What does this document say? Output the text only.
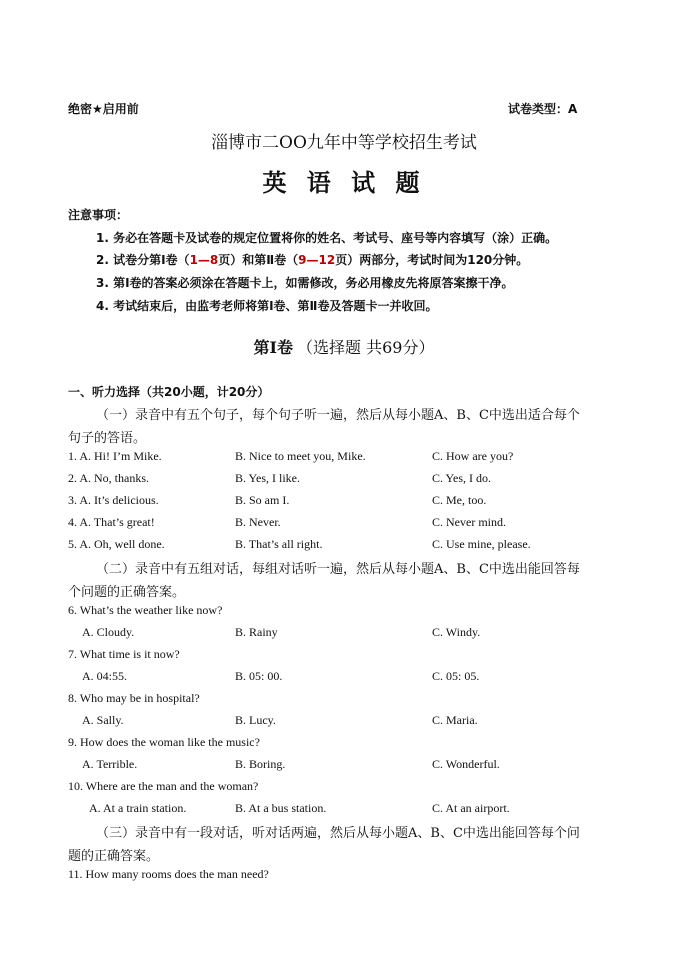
绝密★启用前	试卷类型：A
淄博市二OO九年中等学校招生考试
英 语 试 题
注意事项：
1. 务必在答题卡及试卷的规定位置将你的姓名、考试号、座号等内容填写（涂）正确。
2. 试卷分第Ⅰ卷（1—8页）和第Ⅱ卷（9—12页）两部分，考试时间为120分钟。
3. 第Ⅰ卷的答案必须涂在答题卡上，如需修改，务必用橡皮先将原答案擦干净。
4. 考试结束后，由监考老师将第Ⅰ卷、第Ⅱ卷及答题卡一并收回。
第Ⅰ卷 （选择题 共69分）
一、听力选择（共20小题，计20分）
（一）录音中有五个句子，每个句子听一遍，然后从每小题A、B、C中选出适合每个
句子的答语。
1. A. Hi! I’m Mike.	B. Nice to meet you, Mike.	C. How are you?
2. A. No, thanks.	B. Yes, I like.	C. Yes, I do.
3. A. It’s delicious.	B. So am I.	C. Me, too.
4. A. That’s great!	B. Never.	C. Never mind.
5. A. Oh, well done.	B. That’s all right.	C. Use mine, please.
（二）录音中有五组对话，每组对话听一遍，然后从每小题A、B、C中选出能回答每
个问题的正确答案。
6. What’s the weather like now?
A. Cloudy.	B. Rainy	C. Windy.
7. What time is it now?
A. 04:55.	B. 05: 00.	C. 05: 05.
8. Who may be in hospital?
A. Sally.	B. Lucy.	C. Maria.
9. How does the woman like the music?
A. Terrible.	B. Boring.	C. Wonderful.
10. Where are the man and the woman?
A. At a train station.	B. At a bus station.	C. At an airport.
（三）录音中有一段对话，听对话两遍，然后从每小题A、B、C中选出能回答每个问
题的正确答案。
11. How many rooms does the man need?
